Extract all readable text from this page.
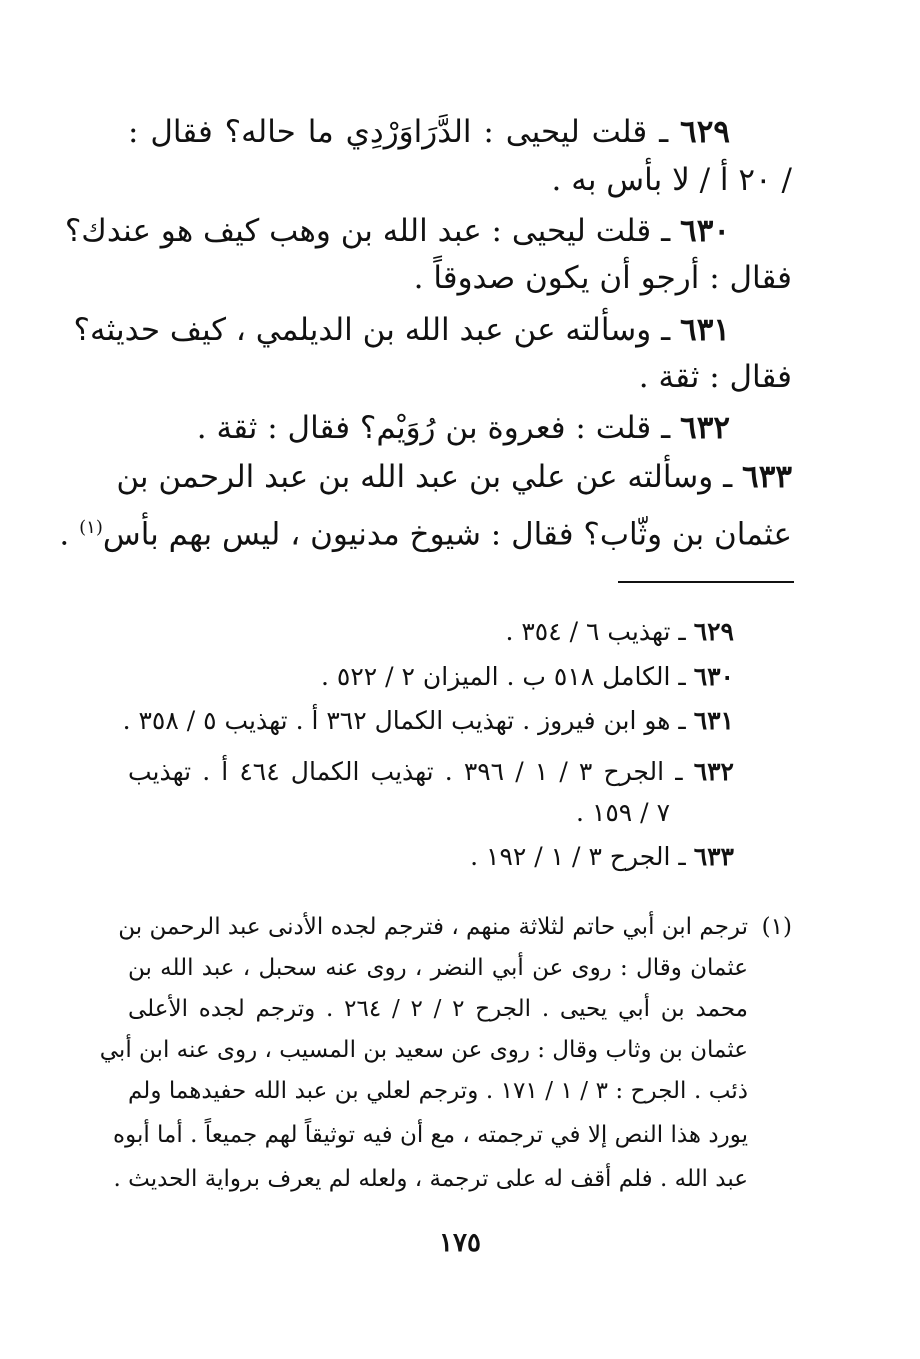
٦٢٩ ـ قلت ليحيى : الدَّرَاوَرْدِي ما حاله؟ فقال :
/ ٢٠ أ / لا بأس به .
٦٣٠ ـ قلت ليحيى : عبد الله بن وهب كيف هو عندك؟
فقال : أرجو أن يكون صدوقاً .
٦٣١ ـ وسألته عن عبد الله بن الديلمي ، كيف حديثه؟
فقال : ثقة .
٦٣٢ ـ قلت : فعروة بن رُوَيْم؟ فقال : ثقة .
٦٣٣ ـ وسألته عن علي بن عبد الله بن عبد الرحمن بن
عثمان بن وثّاب؟ فقال : شيوخ مدنيون ، ليس بهم بأس$^{(١)}$ .
٦٢٩ ـ تهذيب ٦ / ٣٥٤ .
٦٣٠ ـ الكامل ٥١٨ ب . الميزان ٢ / ٥٢٢ .
٦٣١ ـ هو ابن فيروز . تهذيب الكمال ٣٦٢ أ . تهذيب ٥ / ٣٥٨ .
٦٣٢ ـ الجرح ٣ / ١ / ٣٩٦ . تهذيب الكمال ٤٦٤ أ . تهذيب
٧ / ١٥٩ .
٦٣٣ ـ الجرح ٣ / ١ / ١٩٢ .
(١)
ترجم ابن أبي حاتم لثلاثة منهم ، فترجم لجده الأدنى عبد الرحمن بن
عثمان وقال : روى عن أبي النضر ، روى عنه سحبل ، عبد الله بن
محمد بن أبي يحيى . الجرح ٢ / ٢ / ٢٦٤ . وترجم لجده الأعلى
عثمان بن وثاب وقال : روى عن سعيد بن المسيب ، روى عنه ابن أبي
ذئب . الجرح : ٣ / ١ / ١٧١ . وترجم لعلي بن عبد الله حفيدهما ولم
يورد هذا النص إلا في ترجمته ، مع أن فيه توثيقاً لهم جميعاً . أما أبوه
عبد الله . فلم أقف له على ترجمة ، ولعله لم يعرف برواية الحديث .
١٧٥
